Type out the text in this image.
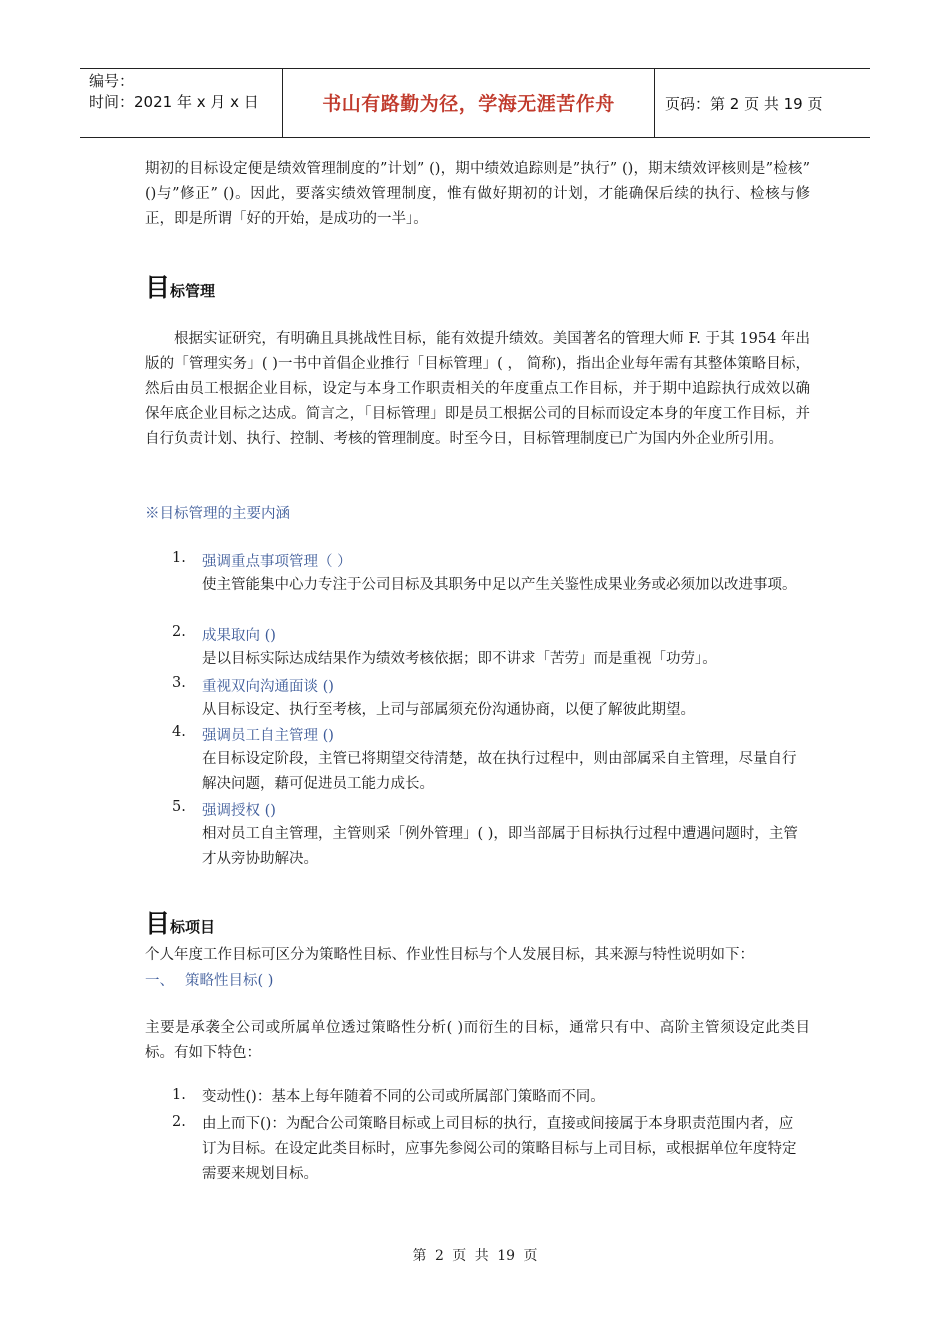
编号：
时间：2021 年 x 月 x 日	书山有路勤为径，学海无涯苦作舟	页码：第 2 页 共 19 页
期初的目标设定便是绩效管理制度的”计划” ()，期中绩效追踪则是”执行” ()，期末绩效评核则是”检核” ()与”修正” ()。因此，要落实绩效管理制度，惟有做好期初的计划，才能确保后续的执行、检核与修正，即是所谓「好的开始，是成功的一半」。
目标管理
根据实证研究，有明确且具挑战性目标，能有效提升绩效。美国著名的管理大师 F. 于其 1954 年出版的「管理实务」( )一书中首倡企业推行「目标管理」( ， 简称)，指出企业每年需有其整体策略目标，然后由员工根据企业目标，设定与本身工作职责相关的年度重点工作目标，并于期中追踪执行成效以确保年底企业目标之达成。简言之，「目标管理」即是员工根据公司的目标而设定本身的年度工作目标，并自行负责计划、执行、控制、考核的管理制度。时至今日，目标管理制度已广为国内外企业所引用。
※目标管理的主要内涵
1. 强调重点事项管理（ ）
使主管能集中心力专注于公司目标及其职务中足以产生关鉴性成果业务或必须加以改进事项。
2. 成果取向 ()
是以目标实际达成结果作为绩效考核依据；即不讲求「苦劳」而是重视「功劳」。
3. 重视双向沟通面谈 ()
从目标设定、执行至考核，上司与部属须充份沟通协商，以便了解彼此期望。
4. 强调员工自主管理 ()
在目标设定阶段，主管已将期望交待清楚，故在执行过程中，则由部属采自主管理，尽量自行解决问题，藉可促进员工能力成长。
5. 强调授权 ()
相对员工自主管理，主管则采「例外管理」( )，即当部属于目标执行过程中遭遇问题时，主管才从旁协助解决。
目标项目
个人年度工作目标可区分为策略性目标、作业性目标与个人发展目标，其来源与特性说明如下：
一、 策略性目标( )
主要是承袭全公司或所属单位透过策略性分析( )而衍生的目标，通常只有中、高阶主管须设定此类目标。有如下特色：
1. 变动性()：基本上每年随着不同的公司或所属部门策略而不同。
2. 由上而下()：为配合公司策略目标或上司目标的执行，直接或间接属于本身职责范围内者，应订为目标。在设定此类目标时，应事先参阅公司的策略目标与上司目标，或根据单位年度特定需要来规划目标。
第 2 页 共 19 页
